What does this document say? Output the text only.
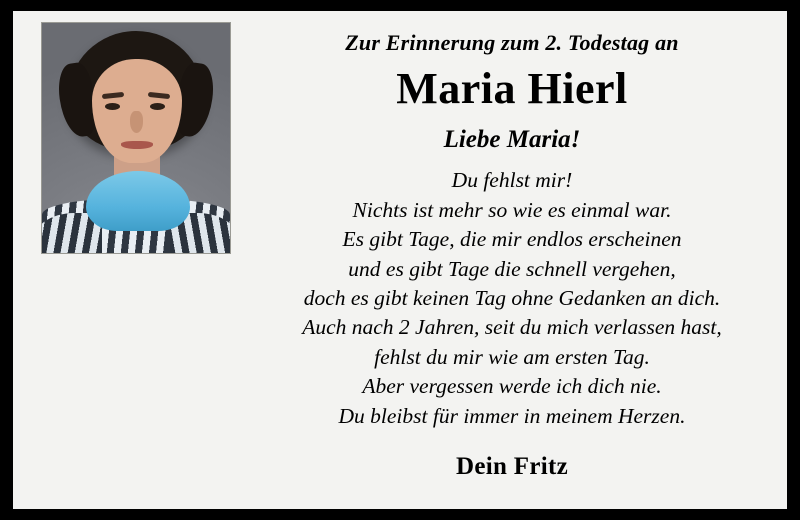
Zur Erinnerung zum 2. Todestag an

Maria Hierl

Liebe Maria!

Du fehlst mir!
Nichts ist mehr so wie es einmal war.
Es gibt Tage, die mir endlos erscheinen
und es gibt Tage die schnell vergehen,
doch es gibt keinen Tag ohne Gedanken an dich.
Auch nach 2 Jahren, seit du mich verlassen hast,
fehlst du mir wie am ersten Tag.
Aber vergessen werde ich dich nie.
Du bleibst für immer in meinem Herzen.

Dein Fritz
